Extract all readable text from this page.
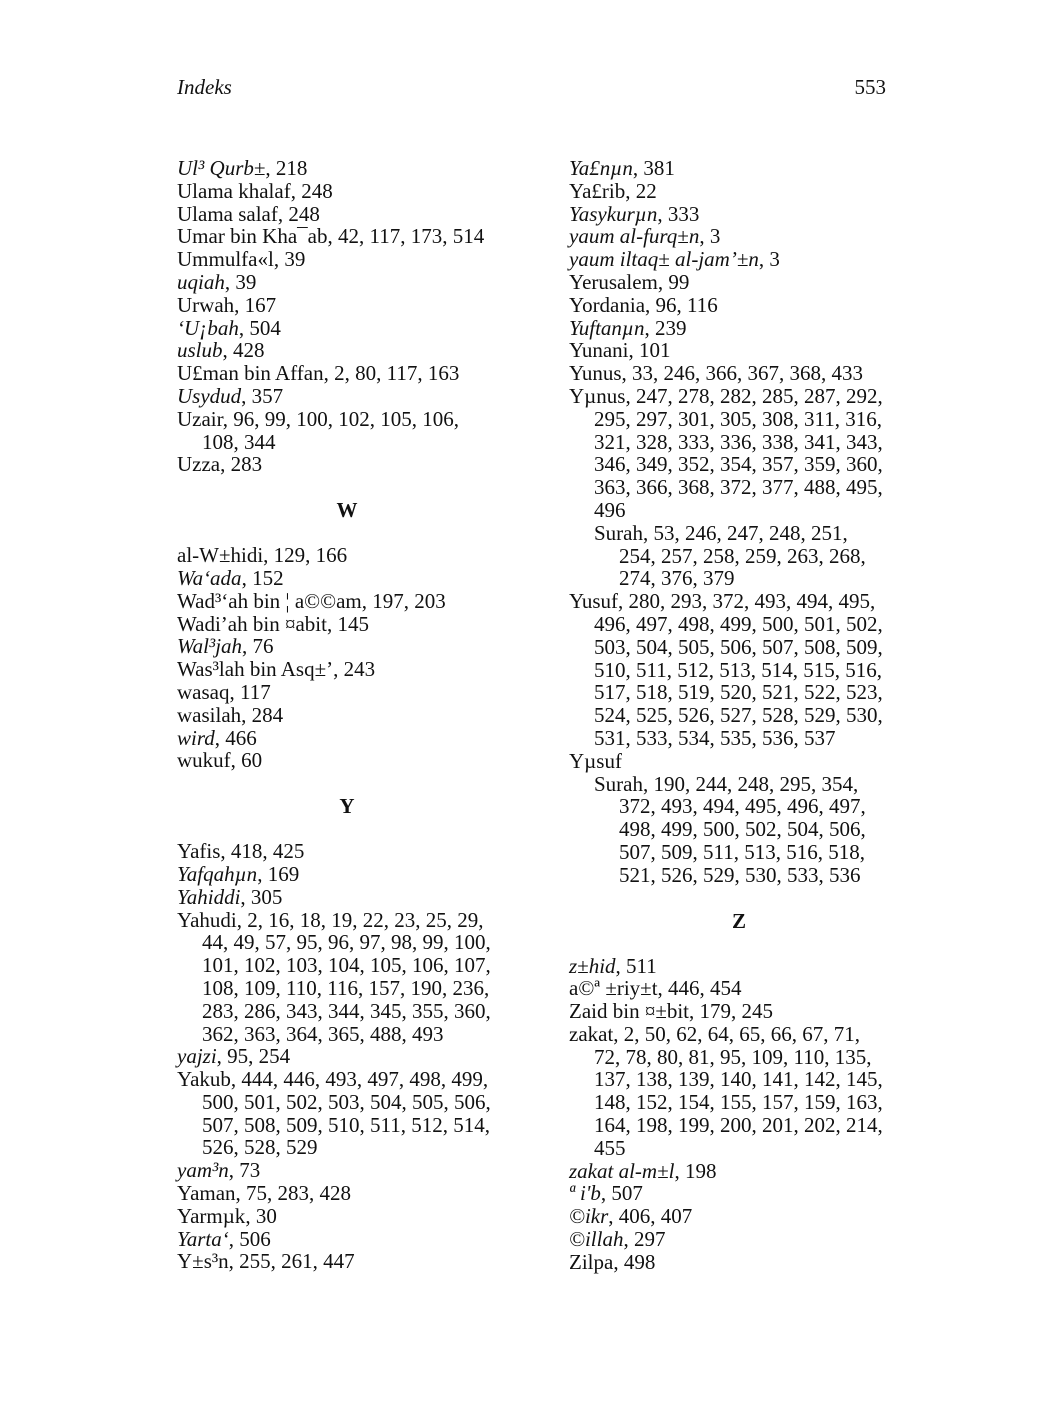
Indeks	553
Ul³ Qurb±, 218
Ulama khalaf, 248
Ulama salaf, 248
Umar bin Kha¯ab, 42, 117, 173, 514
Ummulfa«l, 39
uqiah, 39
Urwah, 167
‘U¡bah, 504
uslub, 428
U£man bin Affan, 2, 80, 117, 163
Usydud, 357
Uzair, 96, 99, 100, 102, 105, 106,
108, 344
Uzza, 283
W
al-W±hidi, 129, 166
Wa‘ada, 152
Wad³‘ah bin ¦ a©©am, 197, 203
Wadi’ah bin ¤abit, 145
Wal³jah, 76
Was³lah bin Asq±’, 243
wasaq, 117
wasilah, 284
wird, 466
wukuf, 60
Y
Yafis, 418, 425
Yafqahµn, 169
Yahiddi, 305
Yahudi, 2, 16, 18, 19, 22, 23, 25, 29,
44, 49, 57, 95, 96, 97, 98, 99, 100,
101, 102, 103, 104, 105, 106, 107,
108, 109, 110, 116, 157, 190, 236,
283, 286, 343, 344, 345, 355, 360,
362, 363, 364, 365, 488, 493
yajzi, 95, 254
Yakub, 444, 446, 493, 497, 498, 499,
500, 501, 502, 503, 504, 505, 506,
507, 508, 509, 510, 511, 512, 514,
526, 528, 529
yam³n, 73
Yaman, 75, 283, 428
Yarmµk, 30
Yarta‘, 506
Y±s³n, 255, 261, 447
Ya£nµn, 381
Ya£rib, 22
Yasykurµn, 333
yaum al-furq±n, 3
yaum iltaq± al-jam’±n, 3
Yerusalem, 99
Yordania, 96, 116
Yuftanµn, 239
Yunani, 101
Yunus, 33, 246, 366, 367, 368, 433
Yµnus, 247, 278, 282, 285, 287, 292,
295, 297, 301, 305, 308, 311, 316,
321, 328, 333, 336, 338, 341, 343,
346, 349, 352, 354, 357, 359, 360,
363, 366, 368, 372, 377, 488, 495,
496
Surah, 53, 246, 247, 248, 251,
254, 257, 258, 259, 263, 268,
274, 376, 379
Yusuf, 280, 293, 372, 493, 494, 495,
496, 497, 498, 499, 500, 501, 502,
503, 504, 505, 506, 507, 508, 509,
510, 511, 512, 513, 514, 515, 516,
517, 518, 519, 520, 521, 522, 523,
524, 525, 526, 527, 528, 529, 530,
531, 533, 534, 535, 536, 537
Yµsuf
Surah, 190, 244, 248, 295, 354,
372, 493, 494, 495, 496, 497,
498, 499, 500, 502, 504, 506,
507, 509, 511, 513, 516, 518,
521, 526, 529, 530, 533, 536
Z
z±hid, 511
a©ª ±riy±t, 446, 454
Zaid bin ¤±bit, 179, 245
zakat, 2, 50, 62, 64, 65, 66, 67, 71,
72, 78, 80, 81, 95, 109, 110, 135,
137, 138, 139, 140, 141, 142, 145,
148, 152, 154, 155, 157, 159, 163,
164, 198, 199, 200, 201, 202, 214,
455
zakat al-m±l, 198
ª i'b, 507
©ikr, 406, 407
©illah, 297
Zilpa, 498
